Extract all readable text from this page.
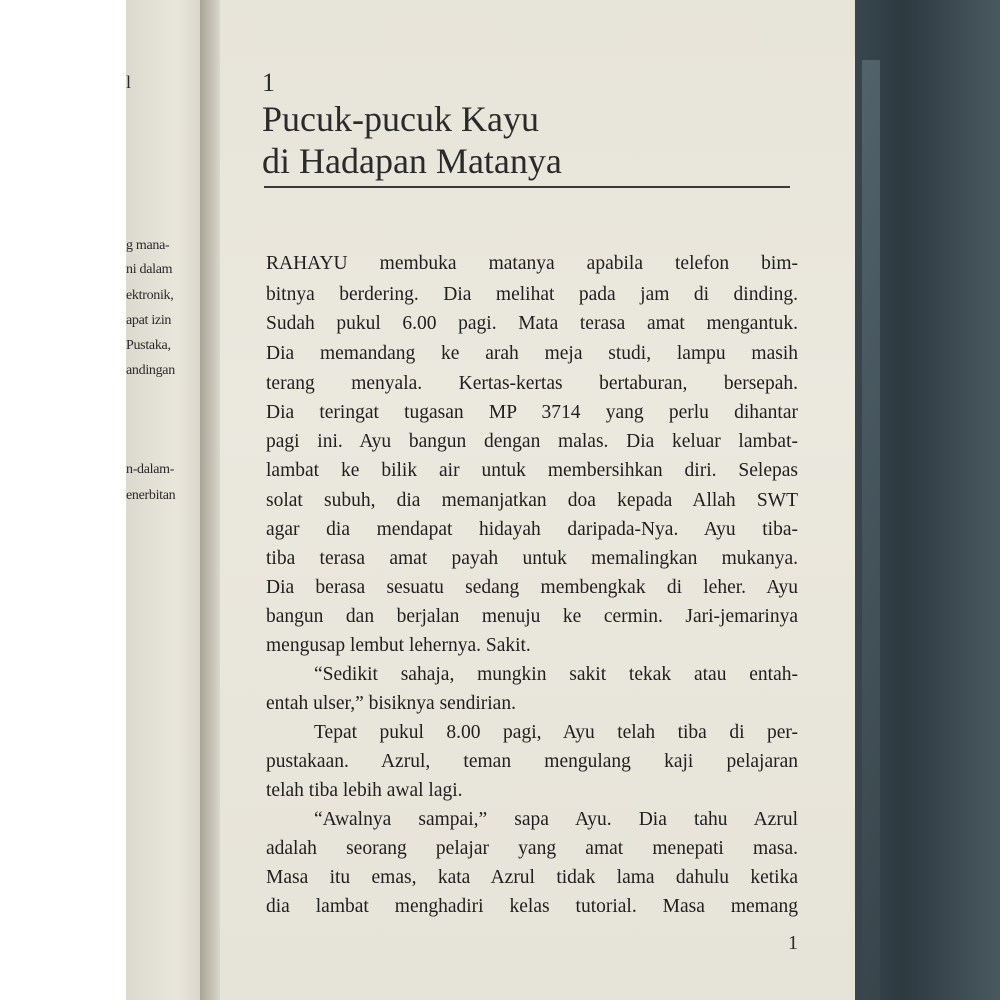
l
g mana-
ni dalam
ektronik,
apat izin
Pustaka,
andingan
n-dalam-
enerbitan
1
Pucuk-pucuk Kayu
di Hadapan Matanya
RAHAYU membuka matanya apabila telefon bim-
bitnya berdering. Dia melihat pada jam di dinding.
Sudah pukul 6.00 pagi. Mata terasa amat mengantuk.
Dia memandang ke arah meja studi, lampu masih
terang menyala. Kertas-kertas bertaburan, bersepah.
Dia teringat tugasan MP 3714 yang perlu dihantar
pagi ini. Ayu bangun dengan malas. Dia keluar lambat-
lambat ke bilik air untuk membersihkan diri. Selepas
solat subuh, dia memanjatkan doa kepada Allah SWT
agar dia mendapat hidayah daripada-Nya. Ayu tiba-
tiba terasa amat payah untuk memalingkan mukanya.
Dia berasa sesuatu sedang membengkak di leher. Ayu
bangun dan berjalan menuju ke cermin. Jari-jemarinya
mengusap lembut lehernya. Sakit.
“Sedikit sahaja, mungkin sakit tekak atau entah-
entah ulser,” bisiknya sendirian.
Tepat pukul 8.00 pagi, Ayu telah tiba di per-
pustakaan. Azrul, teman mengulang kaji pelajaran
telah tiba lebih awal lagi.
“Awalnya sampai,” sapa Ayu. Dia tahu Azrul
adalah seorang pelajar yang amat menepati masa.
Masa itu emas, kata Azrul tidak lama dahulu ketika
dia lambat menghadiri kelas tutorial. Masa memang
1
